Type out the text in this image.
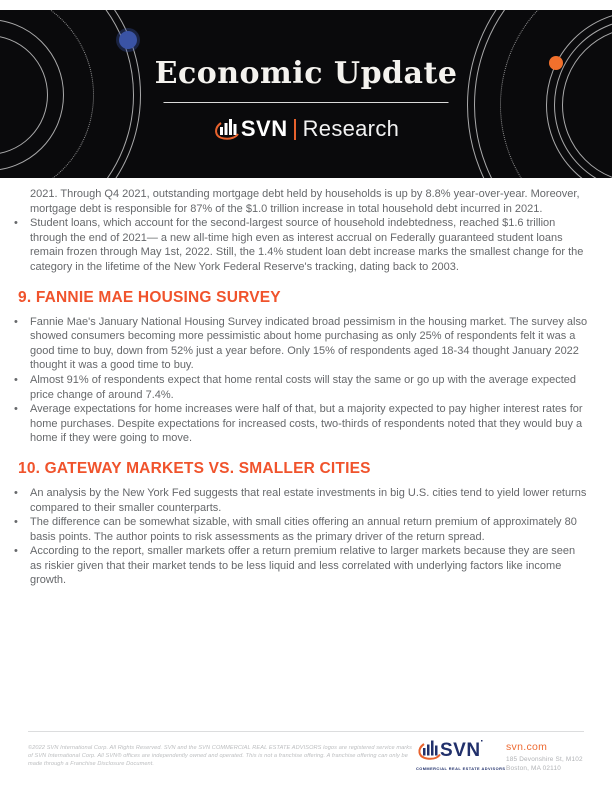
Economic Update
SVN Research

2021. Through Q4 2021, outstanding mortgage debt held by households is up by 8.8% year-over-year. Moreover, mortgage debt is responsible for 87% of the $1.0 trillion increase in total household debt incurred in 2021.

• Student loans, which account for the second-largest source of household indebtedness, reached $1.6 trillion through the end of 2021— a new all-time high even as interest accrual on Federally guaranteed student loans remain frozen through May 1st, 2022. Still, the 1.4% student loan debt increase marks the smallest change for the category in the lifetime of the New York Federal Reserve's tracking, dating back to 2003.
9. FANNIE MAE HOUSING SURVEY
• Fannie Mae's January National Housing Survey indicated broad pessimism in the housing market. The survey also showed consumers becoming more pessimistic about home purchasing as only 25% of respondents felt it was a good time to buy, down from 52% just a year before. Only 15% of respondents aged 18-34 thought January 2022 thought it was a good time to buy.
• Almost 91% of respondents expect that home rental costs will stay the same or go up with the average expected price change of around 7.4%.
• Average expectations for home increases were half of that, but a majority expected to pay higher interest rates for home purchases. Despite expectations for increased costs, two-thirds of respondents noted that they would buy a home if they were going to move.
10. GATEWAY MARKETS VS. SMALLER CITIES
• An analysis by the New York Fed suggests that real estate investments in big U.S. cities tend to yield lower returns compared to their smaller counterparts.
• The difference can be somewhat sizable, with small cities offering an annual return premium of approximately 80 basis points. The author points to risk assessments as the primary driver of the return spread.
• According to the report, smaller markets offer a return premium relative to larger markets because they are seen as riskier given that their market tends to be less liquid and less correlated with underlying factors like income growth.

©2022 SVN International Corp. All Rights Reserved. SVN and the SVN COMMERCIAL REAL ESTATE ADVISORS logos are registered service marks of SVN International Corp. All SVN® offices are independently owned and operated. This is not a franchise offering. A franchise offering can only be made through a Franchise Disclosure Document.

SVN
COMMERCIAL REAL ESTATE ADVISORS
svn.com
185 Devonshire St, M102
Boston, MA 02110
